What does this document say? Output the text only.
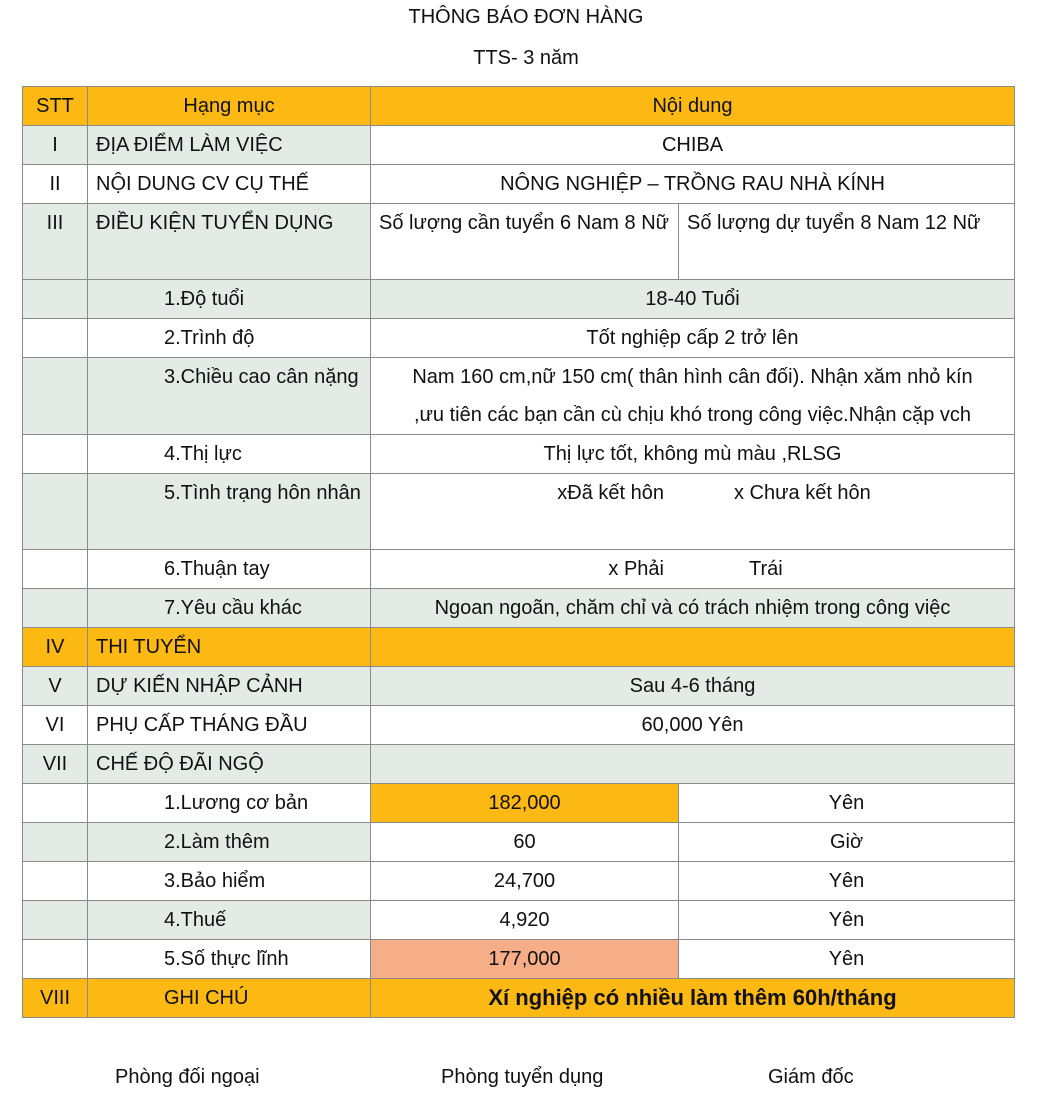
THÔNG BÁO ĐƠN HÀNG
TTS- 3 năm
STT	Hạng mục	Nội dung	
I	ĐỊA ĐIỂM LÀM VIỆC	CHIBA	
II	NỘI DUNG CV CỤ THẾ	NÔNG NGHIỆP – TRỒNG RAU NHÀ KÍNH	
III	ĐIỀU KIỆN TUYỂN DỤNG	Số lượng cần tuyển 6 Nam 8 Nữ	Số lượng dự tuyển 8 Nam 12 Nữ
	1.Độ tuổi	18-40 Tuổi	
	2.Trình độ	Tốt nghiệp cấp 2 trở lên	
	3.Chiều cao cân nặng	Nam 160 cm,nữ 150 cm( thân hình cân đối). Nhận xăm nhỏ kín
,ưu tiên các bạn cần cù chịu khó trong công việc.Nhận cặp vch	

	4.Thị lực	Thị lực tốt, không mù màu ,RLSG	
	5.Tình trạng hôn nhân	xĐã kết hôn x Chưa kết hôn	
	6.Thuận tay	x Phải Trái	
	7.Yêu cầu khác	Ngoan ngoãn, chăm chỉ và có trách nhiệm trong công việc	
IV	THI TUYỂN		
V	DỰ KIẾN NHẬP CẢNH	Sau 4-6 tháng	
VI	PHỤ CẤP THÁNG ĐẦU	60,000 Yên	
VII	CHẾ ĐỘ ĐÃI NGỘ		
	1.Lương cơ bản	182,000	Yên
	2.Làm thêm	60	Giờ
	3.Bảo hiểm	24,700	Yên
	4.Thuế	4,920	Yên
	5.Số thực lĩnh	177,000	Yên
VIII	GHI CHÚ	Xí nghiệp có nhiều làm thêm 60h/tháng	
Phòng đối ngoại	Phòng tuyển dụng	Giám đốc
